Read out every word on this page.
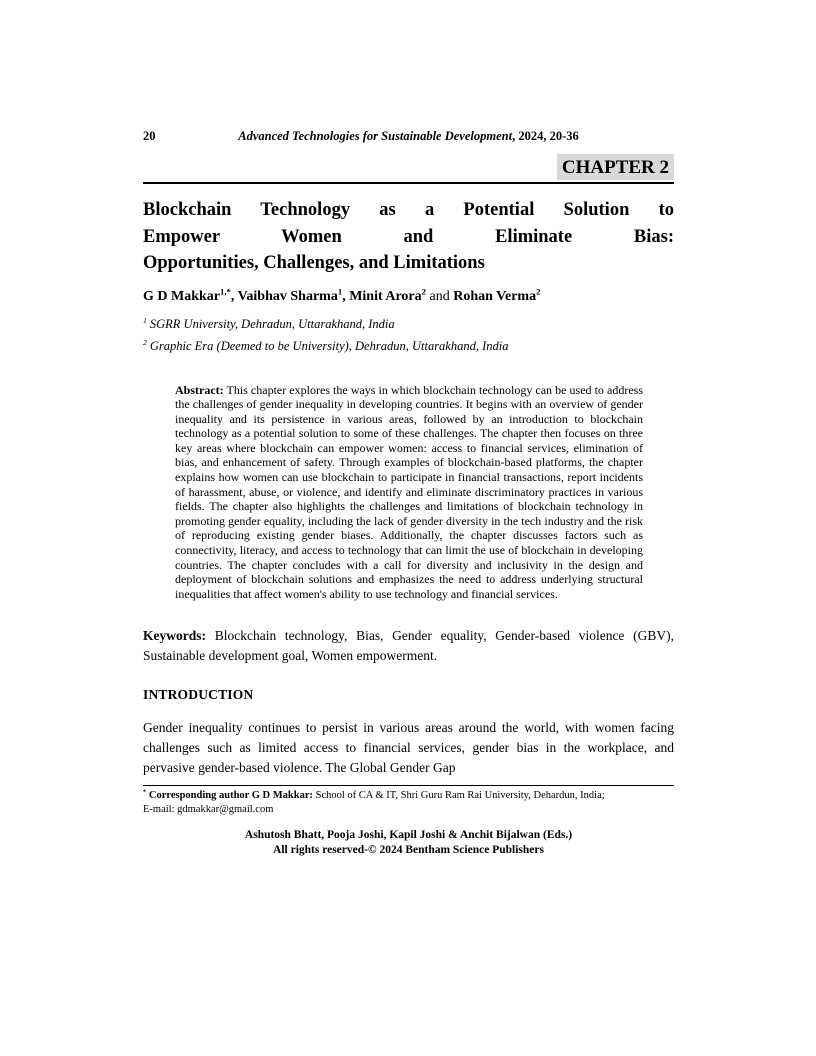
20	Advanced Technologies for Sustainable Development, 2024, 20-36
CHAPTER 2
Blockchain Technology as a Potential Solution to
Empower Women and Eliminate Bias:
Opportunities, Challenges, and Limitations
G D Makkar$^{1,*}$, Vaibhav Sharma$^1$, Minit Arora$^2$ and Rohan Verma$^2$
$^1$ SGRR University, Dehradun, Uttarakhand, India
$^2$ Graphic Era (Deemed to be University), Dehradun, Uttarakhand, India
Abstract: This chapter explores the ways in which blockchain technology can be used to address the challenges of gender inequality in developing countries. It begins with an overview of gender inequality and its persistence in various areas, followed by an introduction to blockchain technology as a potential solution to some of these challenges. The chapter then focuses on three key areas where blockchain can empower women: access to financial services, elimination of bias, and enhancement of safety. Through examples of blockchain-based platforms, the chapter explains how women can use blockchain to participate in financial transactions, report incidents of harassment, abuse, or violence, and identify and eliminate discriminatory practices in various fields. The chapter also highlights the challenges and limitations of blockchain technology in promoting gender equality, including the lack of gender diversity in the tech industry and the risk of reproducing existing gender biases. Additionally, the chapter discusses factors such as connectivity, literacy, and access to technology that can limit the use of blockchain in developing countries. The chapter concludes with a call for diversity and inclusivity in the design and deployment of blockchain solutions and emphasizes the need to address underlying structural inequalities that affect women's ability to use technology and financial services.
Keywords: Blockchain technology, Bias, Gender equality, Gender-based violence (GBV), Sustainable development goal, Women empowerment.
INTRODUCTION
Gender inequality continues to persist in various areas around the world, with women facing challenges such as limited access to financial services, gender bias in the workplace, and pervasive gender-based violence. The Global Gender Gap
* Corresponding author G D Makkar: School of CA & IT, Shri Guru Ram Rai University, Dehardun, India;
E-mail: gdmakkar@gmail.com
Ashutosh Bhatt, Pooja Joshi, Kapil Joshi & Anchit Bijalwan (Eds.)
All rights reserved-© 2024 Bentham Science Publishers
